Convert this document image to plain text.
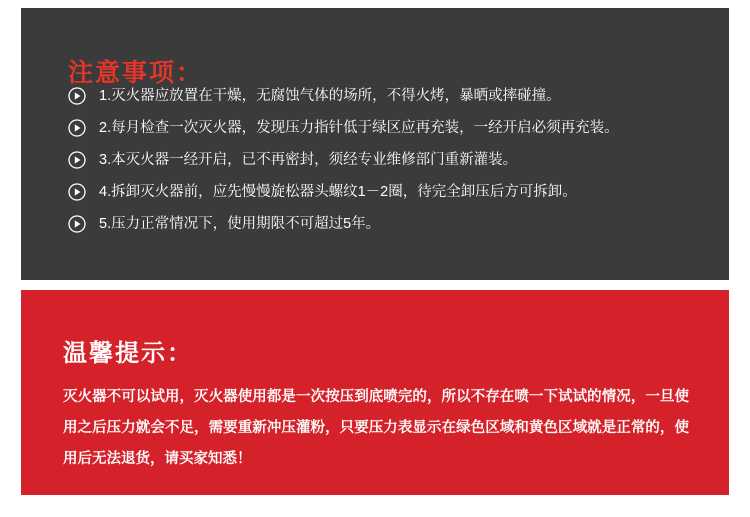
注意事项：
1.灭火器应放置在干燥，无腐蚀气体的场所，不得火烤，暴晒或摔碰撞。
2.每月检查一次灭火器，发现压力指针低于绿区应再充装，一经开启必须再充装。
3.本灭火器一经开启，已不再密封，须经专业维修部门重新灌装。
4.拆卸灭火器前，应先慢慢旋松器头螺纹1－2圈，待完全卸压后方可拆卸。
5.压力正常情况下，使用期限不可超过5年。
温馨提示：

灭火器不可以试用，灭火器使用都是一次按压到底喷完的，所以不存在喷一下试试的情况，一旦使用之后压力就会不足，需要重新冲压灌粉，只要压力表显示在绿色区域和黄色区域就是正常的，使用后无法退货，请买家知悉！
